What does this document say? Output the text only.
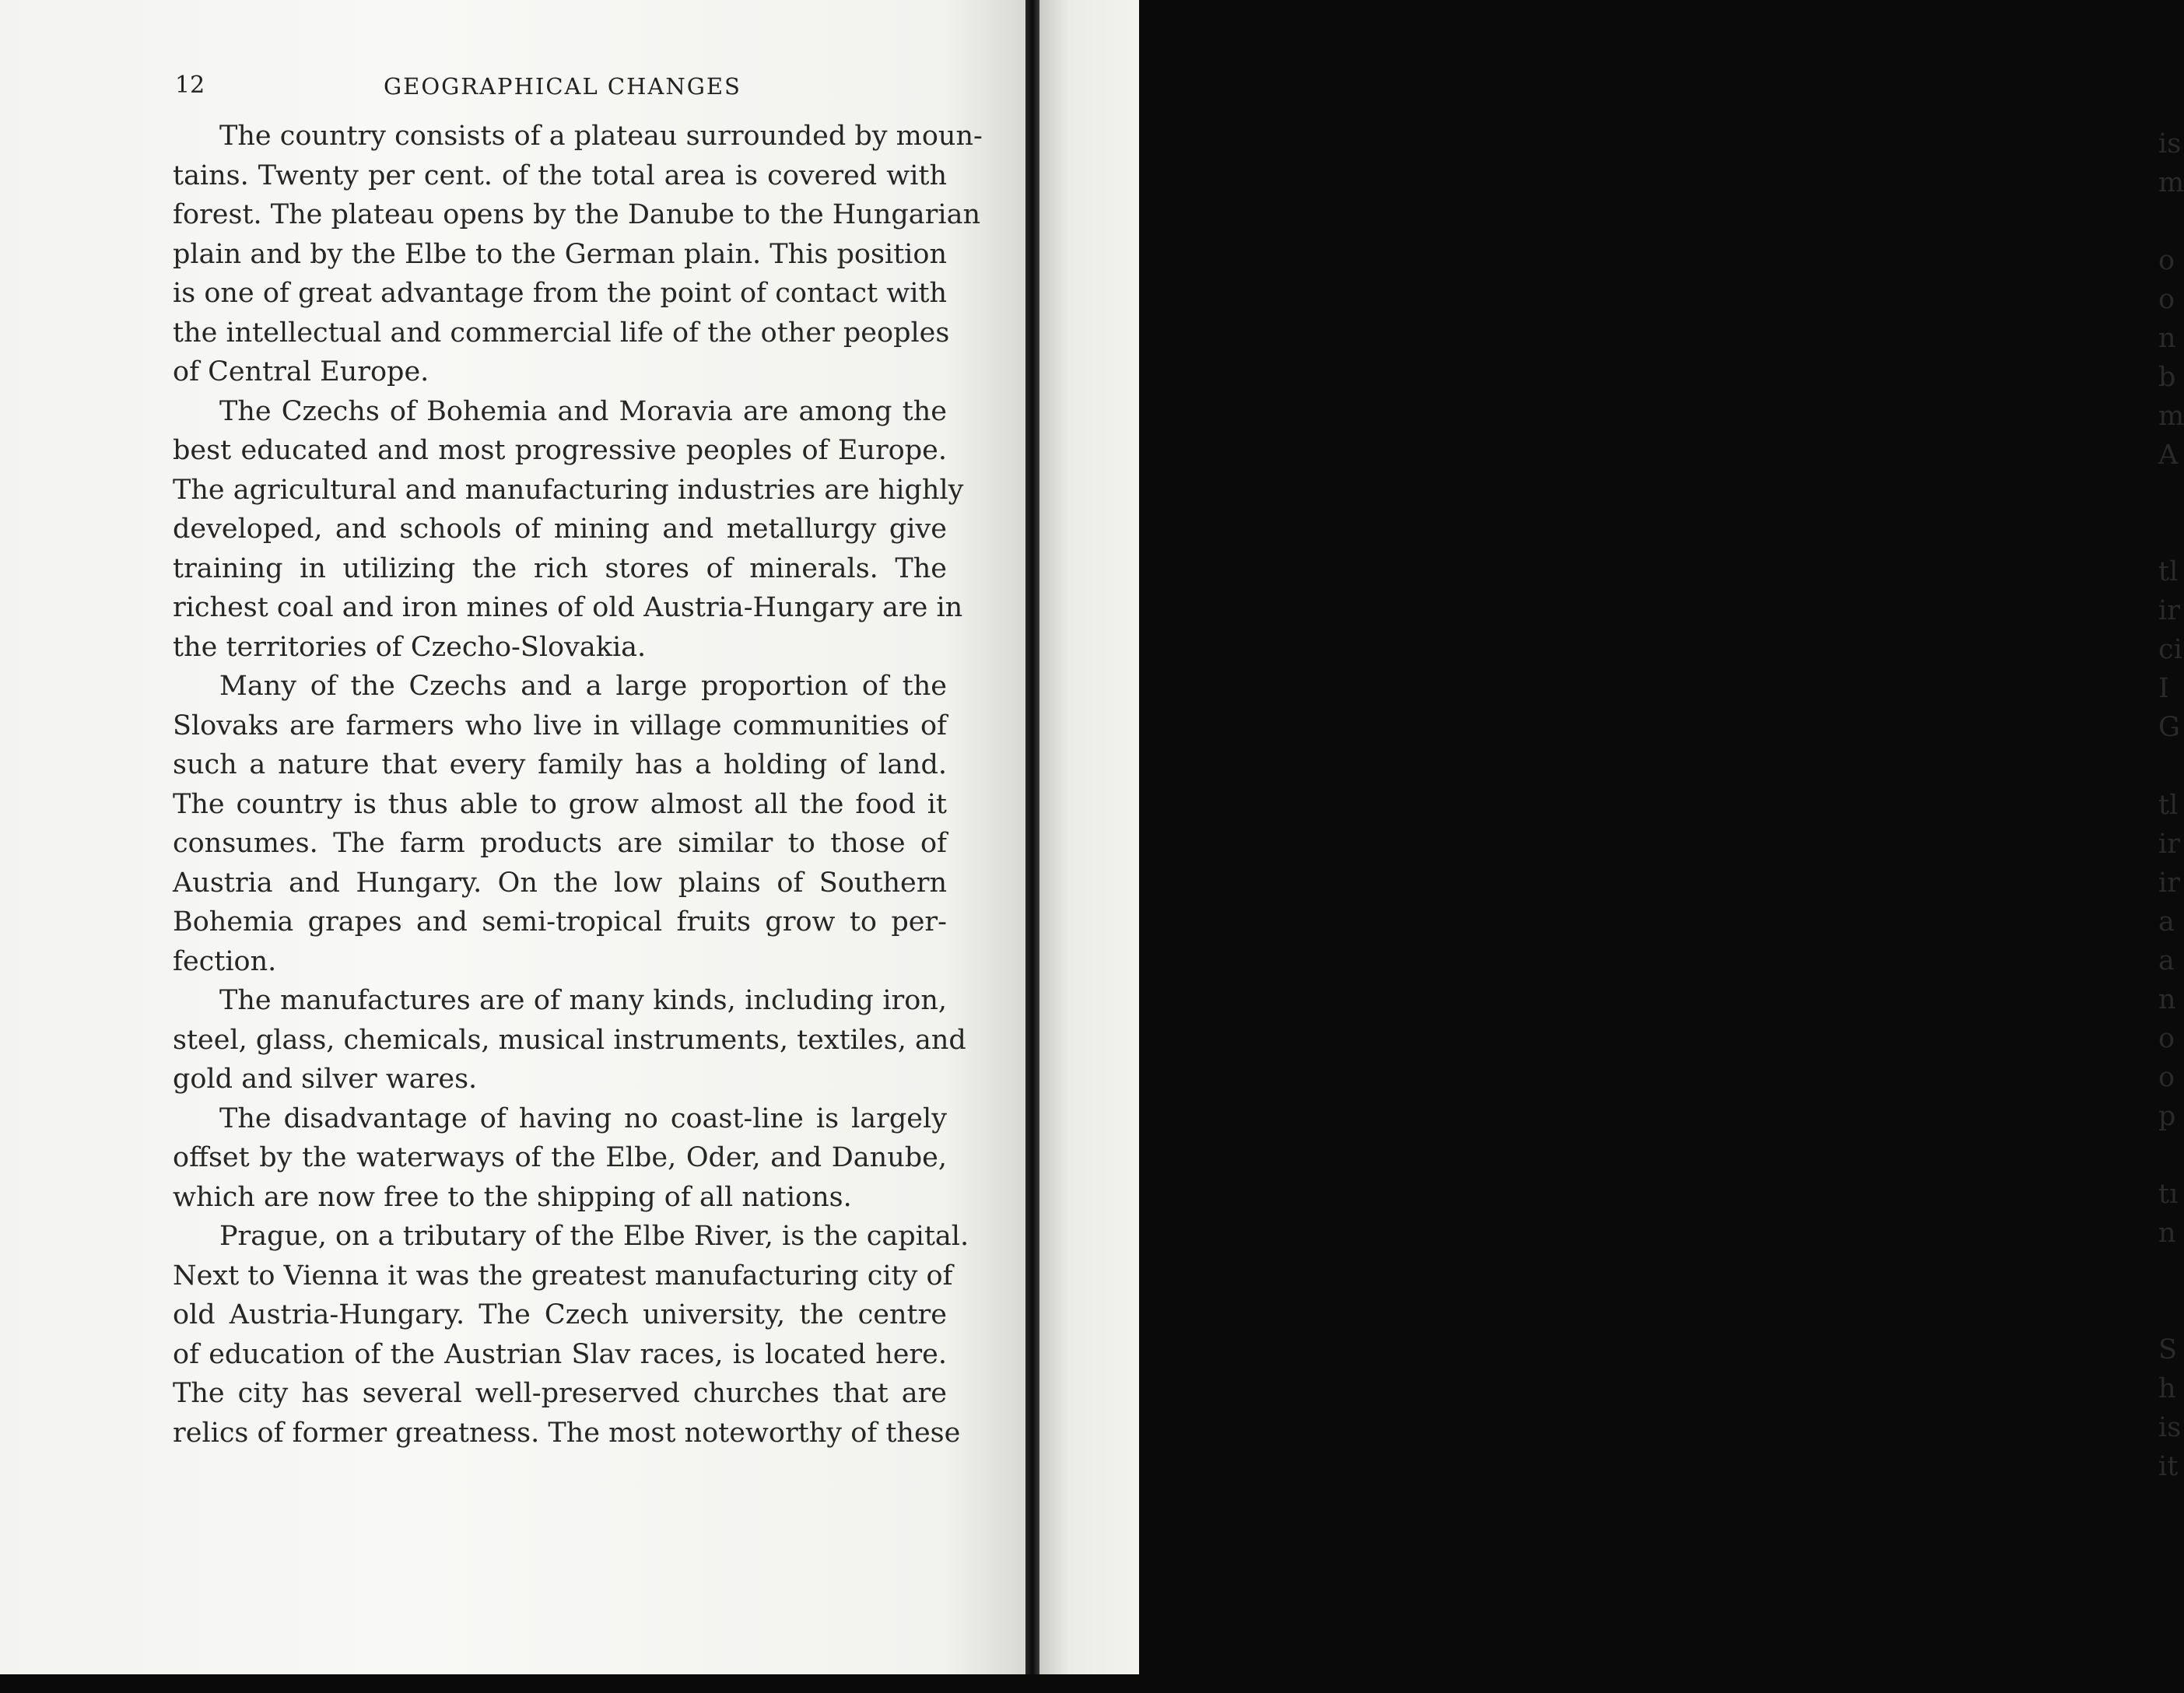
12	GEOGRAPHICAL CHANGES
The country consists of a plateau surrounded by moun-
tains. Twenty per cent. of the total area is covered with
forest. The plateau opens by the Danube to the Hungarian
plain and by the Elbe to the German plain. This position
is one of great advantage from the point of contact with
the intellectual and commercial life of the other peoples
of Central Europe.
The Czechs of Bohemia and Moravia are among the
best educated and most progressive peoples of Europe.
The agricultural and manufacturing industries are highly
developed, and schools of mining and metallurgy give
training in utilizing the rich stores of minerals. The
richest coal and iron mines of old Austria-Hungary are in
the territories of Czecho-Slovakia.
Many of the Czechs and a large proportion of the
Slovaks are farmers who live in village communities of
such a nature that every family has a holding of land.
The country is thus able to grow almost all the food it
consumes. The farm products are similar to those of
Austria and Hungary. On the low plains of Southern
Bohemia grapes and semi-tropical fruits grow to per-
fection.
The manufactures are of many kinds, including iron,
steel, glass, chemicals, musical instruments, textiles, and
gold and silver wares.
The disadvantage of having no coast-line is largely
offset by the waterways of the Elbe, Oder, and Danube,
which are now free to the shipping of all nations.
Prague, on a tributary of the Elbe River, is the capital.
Next to Vienna it was the greatest manufacturing city of
old Austria-Hungary. The Czech university, the centre
of education of the Austrian Slav races, is located here.
The city has several well-preserved churches that are
relics of former greatness. The most noteworthy of these
is
m
o
o
n
b
m
A
tl
ir
ci
I
G
tl
ir
ir
a
a
n
o
o
p
tı
n
S
h
is
it
